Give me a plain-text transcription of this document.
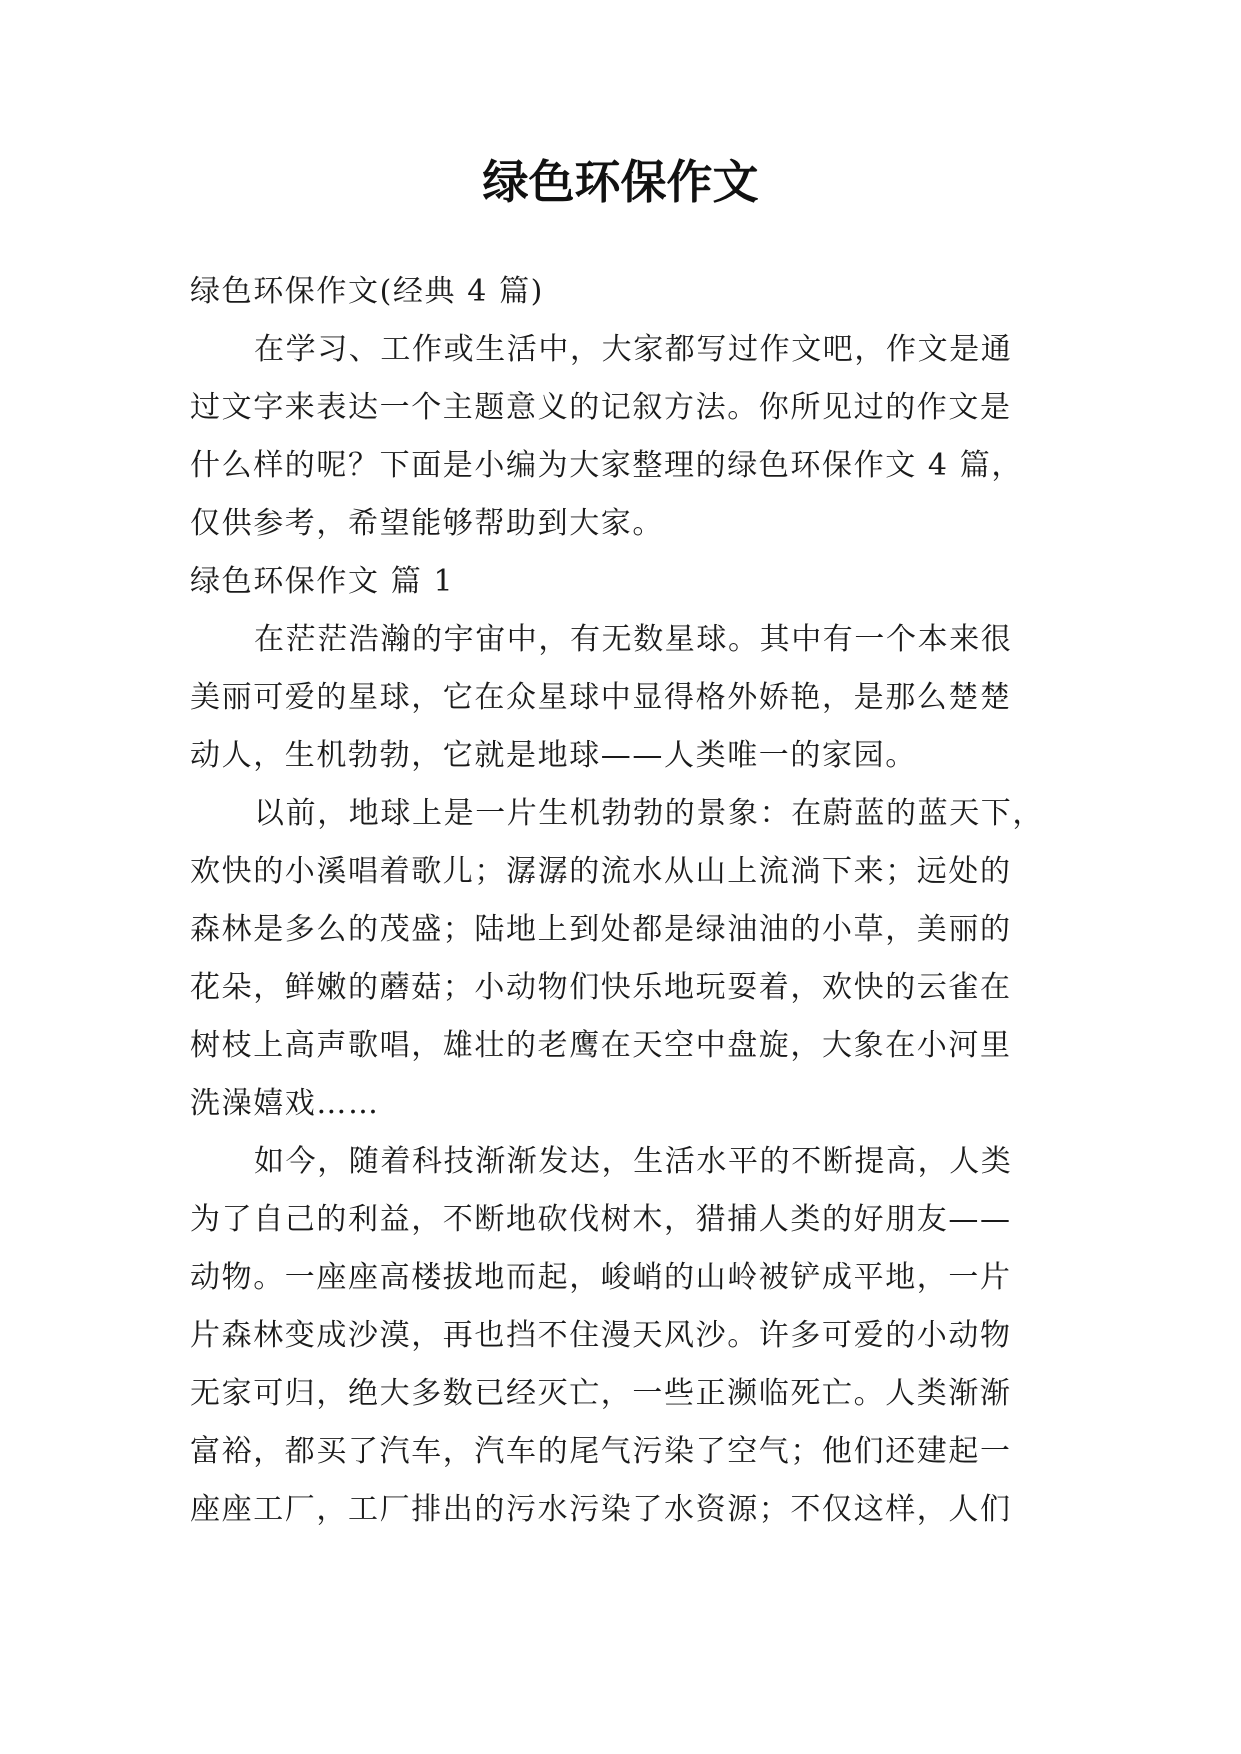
绿色环保作文
绿色环保作文(经典 4 篇)
在学习、工作或生活中，大家都写过作文吧，作文是通
过文字来表达一个主题意义的记叙方法。你所见过的作文是
什么样的呢？下面是小编为大家整理的绿色环保作文 4 篇，
仅供参考，希望能够帮助到大家。
绿色环保作文 篇 1
在茫茫浩瀚的宇宙中，有无数星球。其中有一个本来很
美丽可爱的星球，它在众星球中显得格外娇艳，是那么楚楚
动人，生机勃勃，它就是地球——人类唯一的家园。
以前，地球上是一片生机勃勃的景象：在蔚蓝的蓝天下，
欢快的小溪唱着歌儿；潺潺的流水从山上流淌下来；远处的
森林是多么的茂盛；陆地上到处都是绿油油的小草，美丽的
花朵，鲜嫩的蘑菇；小动物们快乐地玩耍着，欢快的云雀在
树枝上高声歌唱，雄壮的老鹰在天空中盘旋，大象在小河里
洗澡嬉戏……
如今，随着科技渐渐发达，生活水平的不断提高，人类
为了自己的利益，不断地砍伐树木，猎捕人类的好朋友——
动物。一座座高楼拔地而起，峻峭的山岭被铲成平地，一片
片森林变成沙漠，再也挡不住漫天风沙。许多可爱的小动物
无家可归，绝大多数已经灭亡，一些正濒临死亡。人类渐渐
富裕，都买了汽车，汽车的尾气污染了空气；他们还建起一
座座工厂，工厂排出的污水污染了水资源；不仅这样，人们
